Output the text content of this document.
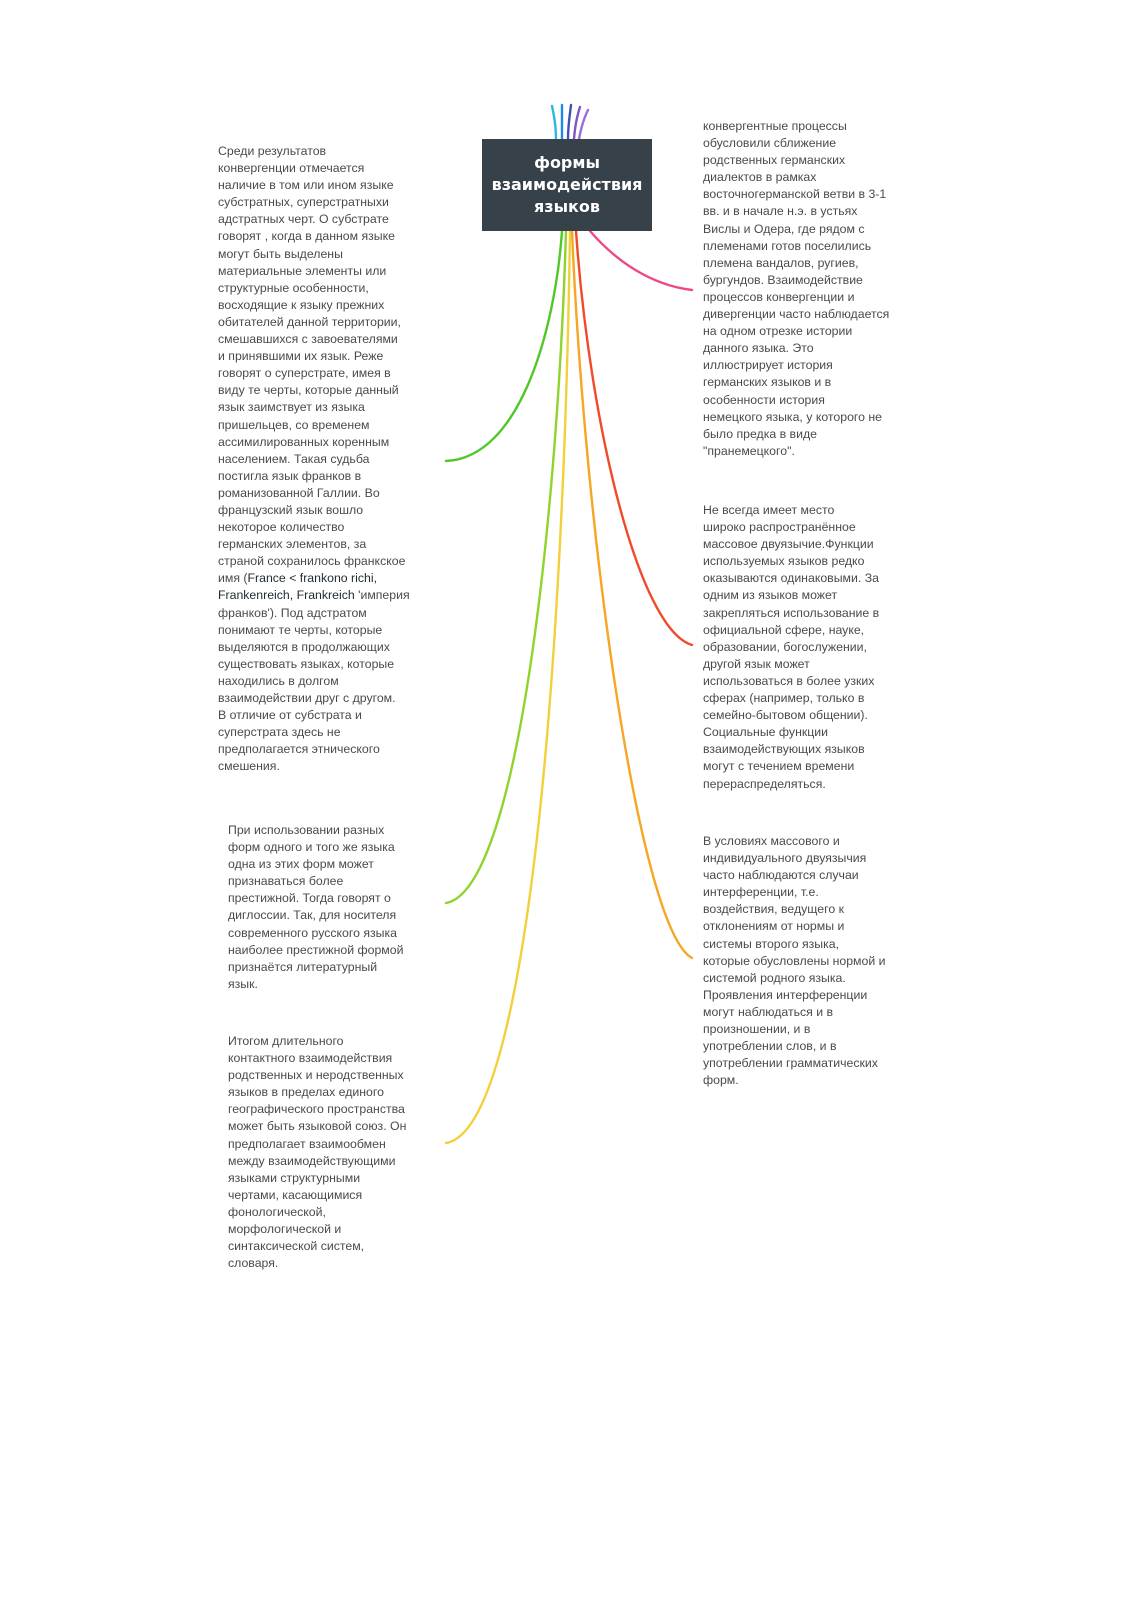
формы взаимодействия языков
Среди результатов
конвергенции отмечается
наличие в том или ином языке
субстратных, суперстратныхи
адстратных черт. О субстрате
говорят , когда в данном языке
могут быть выделены
материальные элементы или
структурные особенности,
восходящие к языку прежних
обитателей данной территории,
смешавшихся с завоевателями
и принявшими их язык. Реже
говорят о суперстрате, имея в
виду те черты, которые данный
язык заимствует из языка
пришельцев, со временем
ассимилированных коренным
населением. Такая судьба
постигла язык франков в
романизованной Галлии. Во
французский язык вошло
некоторое количество
германских элементов, за
страной сохранилось франкское
имя (France < frankono richi,
Frankenreich, Frankreich 'империя
франков'). Под адстратом
понимают те черты, которые
выделяются в продолжающих
существовать языках, которые
находились в долгом
взаимодействии друг с другом.
В отличие от субстрата и
суперстрата здесь не
предполагается этнического
смешения.
При использовании разных
форм одного и того же языка
одна из этих форм может
признаваться более
престижной. Тогда говорят о
диглоссии. Так, для носителя
современного русского языка
наиболее престижной формой
признаётся литературный
язык.
Итогом длительного
контактного взаимодействия
родственных и неродственных
языков в пределах единого
географического пространства
может быть языковой союз. Он
предполагает взаимообмен
между взаимодействующими
языками структурными
чертами, касающимися
фонологической,
морфологической и
синтаксической систем,
словаря.
конвергентные процессы
обусловили сближение
родственных германских
диалектов в рамках
восточногерманской ветви в 3-1
вв. и в начале н.э. в устьях
Вислы и Одера, где рядом с
племенами готов поселились
племена вандалов, ругиев,
бургундов. Взаимодействие
процессов конвергенции и
дивергенции часто наблюдается
на одном отрезке истории
данного языка. Это
иллюстрирует история
германских языков и в
особенности история
немецкого языка, у которого не
было предка в виде
"пранемецкого".
Не всегда имеет место
широко распространённое
массовое двуязычие.Функции
используемых языков редко
оказываются одинаковыми. За
одним из языков может
закрепляться использование в
официальной сфере, науке,
образовании, богослужении,
другой язык может
использоваться в более узких
сферах (например, только в
семейно-бытовом общении).
Социальные функции
взаимодействующих языков
могут с течением времени
перераспределяться.
В условиях массового и
индивидуального двуязычия
часто наблюдаются случаи
интерференции, т.е.
воздействия, ведущего к
отклонениям от нормы и
системы второго языка,
которые обусловлены нормой и
системой родного языка.
Проявления интерференции
могут наблюдаться и в
произношении, и в
употреблении слов, и в
употреблении грамматических
форм.
